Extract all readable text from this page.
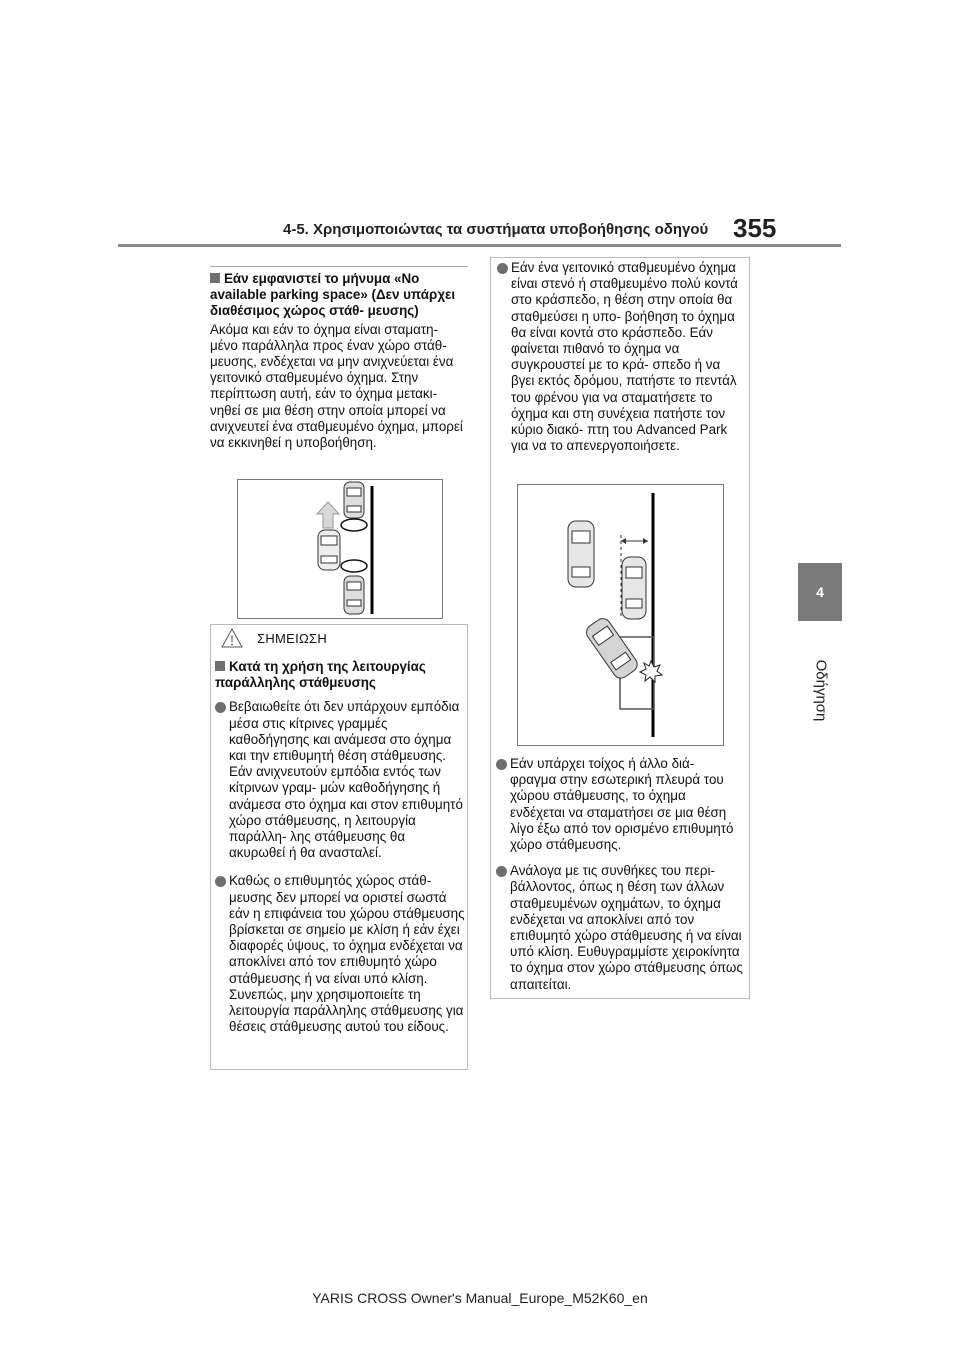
4-5. Χρησιμοποιώντας τα συστήματα υποβοήθησης οδηγού 355
4
Οδήγηση
Εάν εμφανιστεί το μήνυμα «No available parking space» (Δεν υπάρχει διαθέσιμος χώρος στάθ- μευσης)
Ακόμα και εάν το όχημα είναι σταματη- μένο παράλληλα προς έναν χώρο στάθ- μευσης, ενδέχεται να μην ανιχνεύεται ένα γειτονικό σταθμευμένο όχημα. Στην περίπτωση αυτή, εάν το όχημα μετακι- νηθεί σε μια θέση στην οποία μπορεί να ανιχνευτεί ένα σταθμευμένο όχημα, μπορεί να εκκινηθεί η υποβοήθηση.
ΣΗΜΕΙΩΣΗ
Κατά τη χρήση της λειτουργίας παράλληλης στάθμευσης
Βεβαιωθείτε ότι δεν υπάρχουν εμπόδια μέσα στις κίτρινες γραμμές καθοδήγησης και ανάμεσα στο όχημα και την επιθυμητή θέση στάθμευσης. Εάν ανιχνευτούν εμπόδια εντός των κίτρινων γραμ- μών καθοδήγησης ή ανάμεσα στο όχημα και στον επιθυμητό χώρο στάθμευσης, η λειτουργία παράλλη- λης στάθμευσης θα ακυρωθεί ή θα ανασταλεί.
Καθώς ο επιθυμητός χώρος στάθ- μευσης δεν μπορεί να οριστεί σωστά εάν η επιφάνεια του χώρου στάθμευσης βρίσκεται σε σημείο με κλίση ή εάν έχει διαφορές ύψους, το όχημα ενδέχεται να αποκλίνει από τον επιθυμητό χώρο στάθμευσης ή να είναι υπό κλίση. Συνεπώς, μην χρησιμοποιείτε τη λειτουργία παράλληλης στάθμευσης για θέσεις στάθμευσης αυτού του είδους.
Εάν ένα γειτονικό σταθμευμένο όχημα είναι στενό ή σταθμευμένο πολύ κοντά στο κράσπεδο, η θέση στην οποία θα σταθμεύσει η υπο- βοήθηση το όχημα θα είναι κοντά στο κράσπεδο. Εάν φαίνεται πιθανό το όχημα να συγκρουστεί με το κρά- σπεδο ή να βγει εκτός δρόμου, πατήστε το πεντάλ του φρένου για να σταματήσετε το όχημα και στη συνέχεια πατήστε τον κύριο διακό- πτη του Advanced Park για να το απενεργοποιήσετε.
Εάν υπάρχει τοίχος ή άλλο διά- φραγμα στην εσωτερική πλευρά του χώρου στάθμευσης, το όχημα ενδέχεται να σταματήσει σε μια θέση λίγο έξω από τον ορισμένο επιθυμητό χώρο στάθμευσης.
Ανάλογα με τις συνθήκες του περι- βάλλοντος, όπως η θέση των άλλων σταθμευμένων οχημάτων, το όχημα ενδέχεται να αποκλίνει από τον επιθυμητό χώρο στάθμευσης ή να είναι υπό κλίση. Ευθυγραμμίστε χειροκίνητα το όχημα στον χώρο στάθμευσης όπως απαιτείται.
YARIS CROSS Owner's Manual_Europe_M52K60_en
